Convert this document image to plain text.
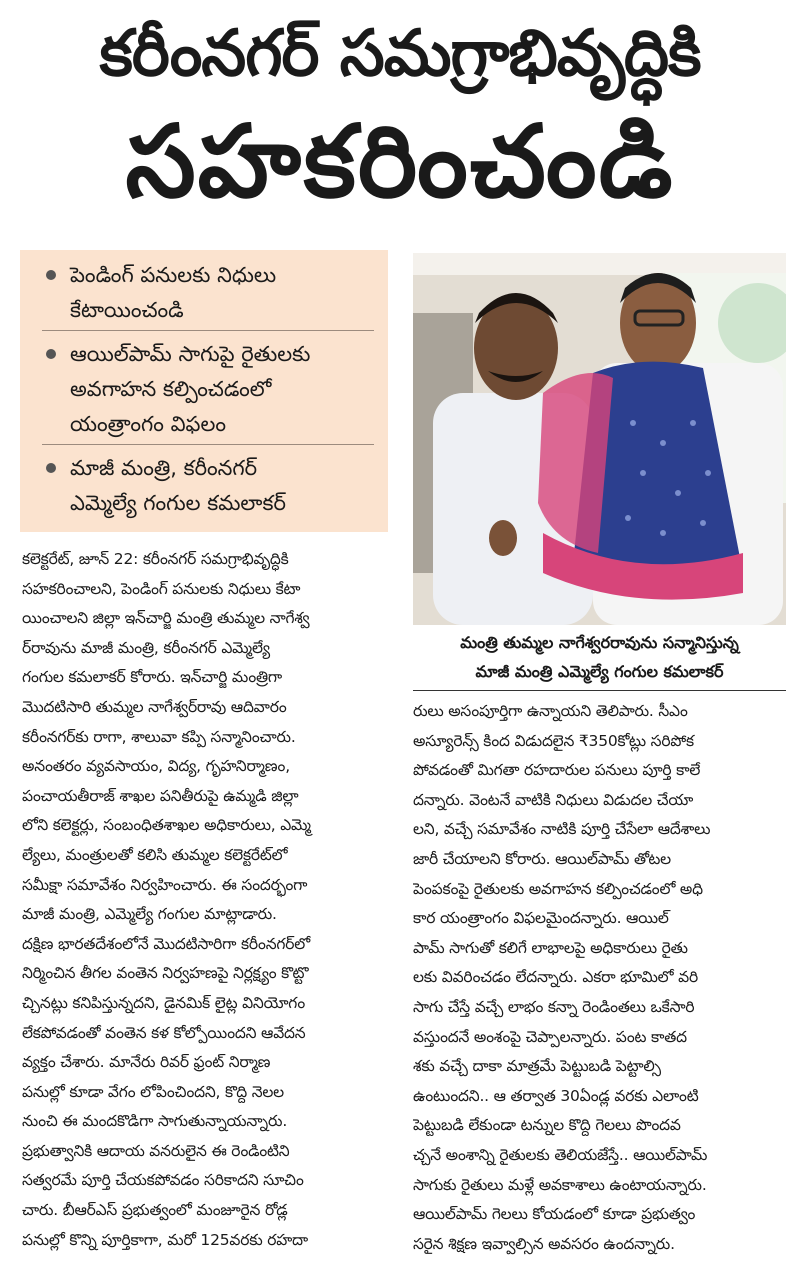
కరీంనగర్ సమగ్రాభివృద్ధికి
సహకరించండి
పెండింగ్ పనులకు నిధులు
కేటాయించండి
ఆయిల్‌పామ్ సాగుపై రైతులకు
అవగాహన కల్పించడంలో
యంత్రాంగం విఫలం
మాజీ మంత్రి, కరీంనగర్
ఎమ్మెల్యే గంగుల కమలాకర్
మంత్రి తుమ్మల నాగేశ్వరరావును సన్మానిస్తున్న
మాజీ మంత్రి ఎమ్మెల్యే గంగుల కమలాకర్
కలెక్టరేట్, జూన్ 22: కరీంనగర్ సమగ్రాభివృద్ధికి
సహకరించాలని, పెండింగ్ పనులకు నిధులు కేటా
యించాలని జిల్లా ఇన్‌చార్జి మంత్రి తుమ్మల నాగేశ్వ
ర్‌రావును మాజీ మంత్రి, కరీంనగర్ ఎమ్మెల్యే
గంగుల కమలాకర్ కోరారు. ఇన్‌చార్జి మంత్రిగా
మొదటిసారి తుమ్మల నాగేశ్వర్‌రావు ఆదివారం
కరీంనగర్‌కు రాగా, శాలువా కప్పి సన్మానించారు.
అనంతరం వ్యవసాయం, విద్య, గృహనిర్మాణం,
పంచాయతీరాజ్ శాఖల పనితీరుపై ఉమ్మడి జిల్లా
లోని కలెక్టర్లు, సంబంధితశాఖల అధికారులు, ఎమ్మె
ల్యేలు, మంత్రులతో కలిసి తుమ్మల కలెక్టరేట్‌లో
సమీక్షా సమావేశం నిర్వహించారు. ఈ సందర్భంగా
మాజీ మంత్రి, ఎమ్మెల్యే గంగుల మాట్లాడారు.
దక్షిణ భారతదేశంలోనే మొదటిసారిగా కరీంనగర్‌లో
నిర్మించిన తీగల వంతెన నిర్వహణపై నిర్లక్ష్యం కొట్టొ
చ్చినట్లు కనిపిస్తున్నదని, డైనమిక్ లైట్ల వినియోగం
లేకపోవడంతో వంతెన కళ కోల్పోయిందని ఆవేదన
వ్యక్తం చేశారు. మానేరు రివర్ ఫ్రంట్ నిర్మాణ
పనుల్లో కూడా వేగం లోపించిందని, కొద్ది నెలల
నుంచి ఈ మందకొడిగా సాగుతున్నాయన్నారు.
ప్రభుత్వానికి ఆదాయ వనరులైన ఈ రెండింటిని
సత్వరమే పూర్తి చేయకపోవడం సరికాదని సూచిం
చారు. బీఆర్‌ఎస్ ప్రభుత్వంలో మంజూరైన రోడ్ల
పనుల్లో కొన్ని పూర్తికాగా, మరో 125వరకు రహదా
రులు అసంపూర్తిగా ఉన్నాయని తెలిపారు. సీఎం
అస్యూరెన్స్ కింద విడుదలైన ₹350కోట్లు సరిపోక
పోవడంతో మిగతా రహదారుల పనులు పూర్తి కాలే
దన్నారు. వెంటనే వాటికి నిధులు విడుదల చేయా
లని, వచ్చే సమావేశం నాటికి పూర్తి చేసేలా ఆదేశాలు
జారీ చేయాలని కోరారు. ఆయిల్‌పామ్ తోటల
పెంపకంపై రైతులకు అవగాహన కల్పించడంలో అధి
కార యంత్రాంగం విఫలమైందన్నారు. ఆయిల్
పామ్ సాగుతో కలిగే లాభాలపై అధికారులు రైతు
లకు వివరించడం లేదన్నారు. ఎకరా భూమిలో వరి
సాగు చేస్తే వచ్చే లాభం కన్నా రెండింతలు ఒకేసారి
వస్తుందనే అంశంపై చెప్పాలన్నారు. పంట కాతద
శకు వచ్చే దాకా మాత్రమే పెట్టుబడి పెట్టాల్సి
ఉంటుందని.. ఆ తర్వాత 30ఏండ్ల వరకు ఎలాంటి
పెట్టుబడి లేకుండా టన్నుల కొద్ది గెలలు పొందవ
చ్చనే అంశాన్ని రైతులకు తెలియజేస్తే.. ఆయిల్‌పామ్
సాగుకు రైతులు మళ్లే అవకాశాలు ఉంటాయన్నారు.
ఆయిల్‌పామ్ గెలలు కోయడంలో కూడా ప్రభుత్వం
సరైన శిక్షణ ఇవ్వాల్సిన అవసరం ఉందన్నారు.
